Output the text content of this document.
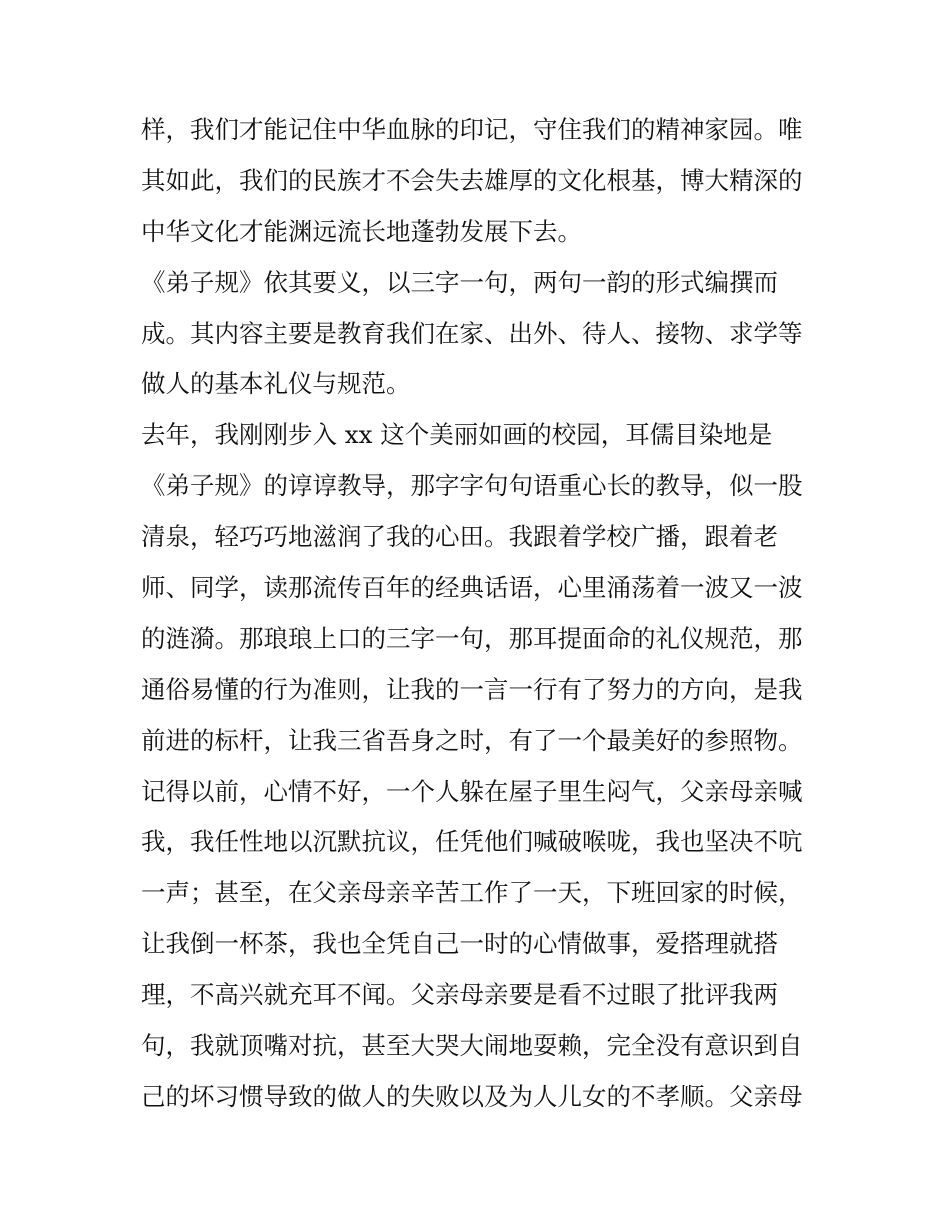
样，我们才能记住中华血脉的印记，守住我们的精神家园。唯
其如此，我们的民族才不会失去雄厚的文化根基，博大精深的
中华文化才能渊远流长地蓬勃发展下去。
《弟子规》依其要义，以三字一句，两句一韵的形式编撰而
成。其内容主要是教育我们在家、出外、待人、接物、求学等
做人的基本礼仪与规范。
去年，我刚刚步入 xx 这个美丽如画的校园，耳儒目染地是
《弟子规》的谆谆教导，那字字句句语重心长的教导，似一股
清泉，轻巧巧地滋润了我的心田。我跟着学校广播，跟着老
师、同学，读那流传百年的经典话语，心里涌荡着一波又一波
的涟漪。那琅琅上口的三字一句，那耳提面命的礼仪规范，那
通俗易懂的行为准则，让我的一言一行有了努力的方向，是我
前进的标杆，让我三省吾身之时，有了一个最美好的参照物。
记得以前，心情不好，一个人躲在屋子里生闷气，父亲母亲喊
我，我任性地以沉默抗议，任凭他们喊破喉咙，我也坚决不吭
一声；甚至，在父亲母亲辛苦工作了一天，下班回家的时候，
让我倒一杯茶，我也全凭自己一时的心情做事，爱搭理就搭
理，不高兴就充耳不闻。父亲母亲要是看不过眼了批评我两
句，我就顶嘴对抗，甚至大哭大闹地耍赖，完全没有意识到自
己的坏习惯导致的做人的失败以及为人儿女的不孝顺。父亲母
